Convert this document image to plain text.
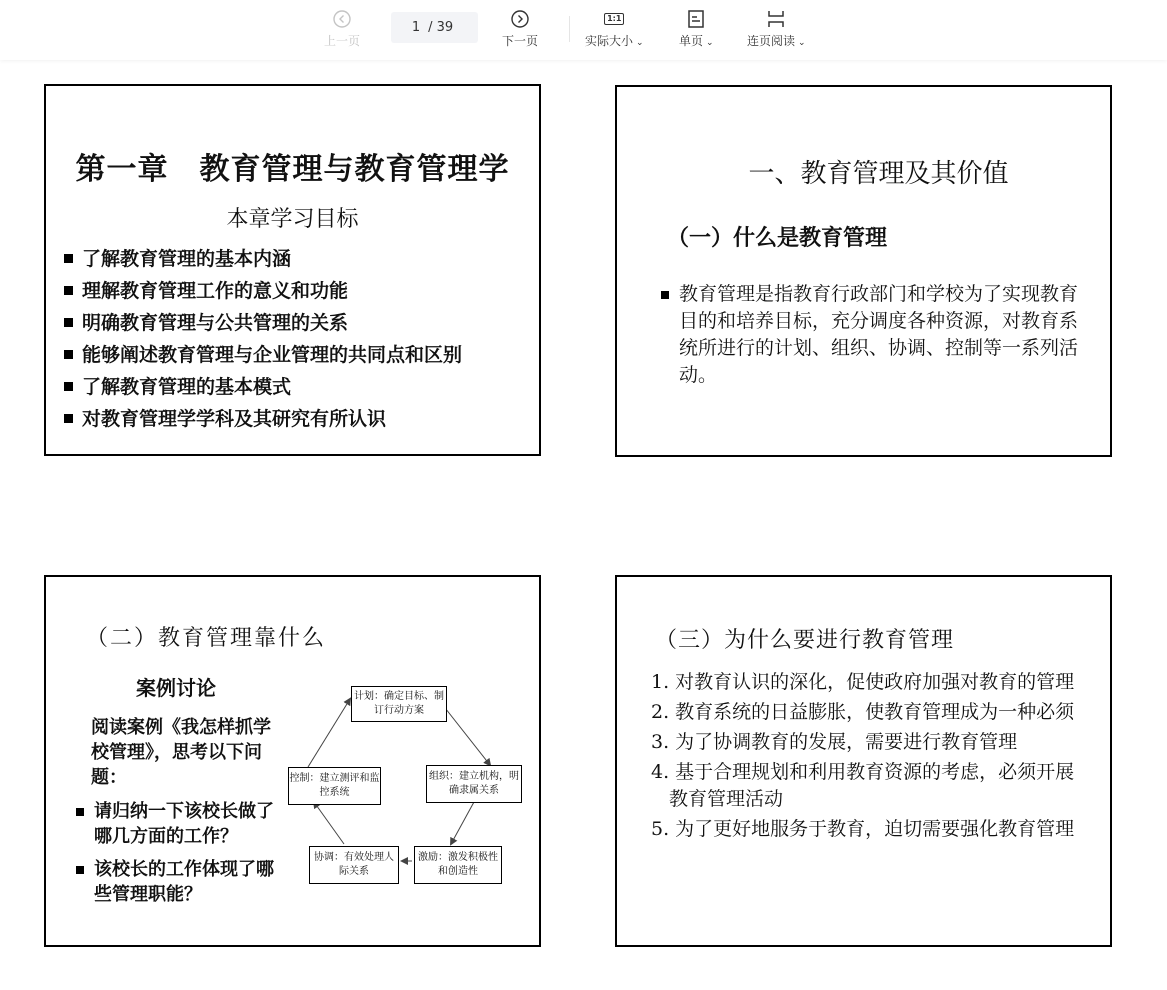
上一页
1 / 39
下一页
1:1
实际大小 ⌄	单页 ⌄	连页阅读 ⌄
第一章　教育管理与教育管理学
本章学习目标
了解教育管理的基本内涵
理解教育管理工作的意义和功能
明确教育管理与公共管理的关系
能够阐述教育管理与企业管理的共同点和区别
了解教育管理的基本模式
对教育管理学学科及其研究有所认识
一、教育管理及其价值
（一）什么是教育管理
教育管理是指教育行政部门和学校为了实现教育目的和培养目标，充分调度各种资源，对教育系统所进行的计划、组织、协调、控制等一系列活动。
（二）教育管理靠什么
案例讨论
阅读案例《我怎样抓学校管理》，思考以下问题：
请归纳一下该校长做了哪几方面的工作？
该校长的工作体现了哪些管理职能？
计划：确定目标、制订行动方案
组织：建立机构，明确隶属关系
激励：激发积极性和创造性
协调：有效处理人际关系
控制：建立测评和监控系统
（三）为什么要进行教育管理
1. 对教育认识的深化，促使政府加强对教育的管理
2. 教育系统的日益膨胀，使教育管理成为一种必须
3. 为了协调教育的发展，需要进行教育管理
4. 基于合理规划和利用教育资源的考虑，必须开展教育管理活动
5. 为了更好地服务于教育，迫切需要强化教育管理
